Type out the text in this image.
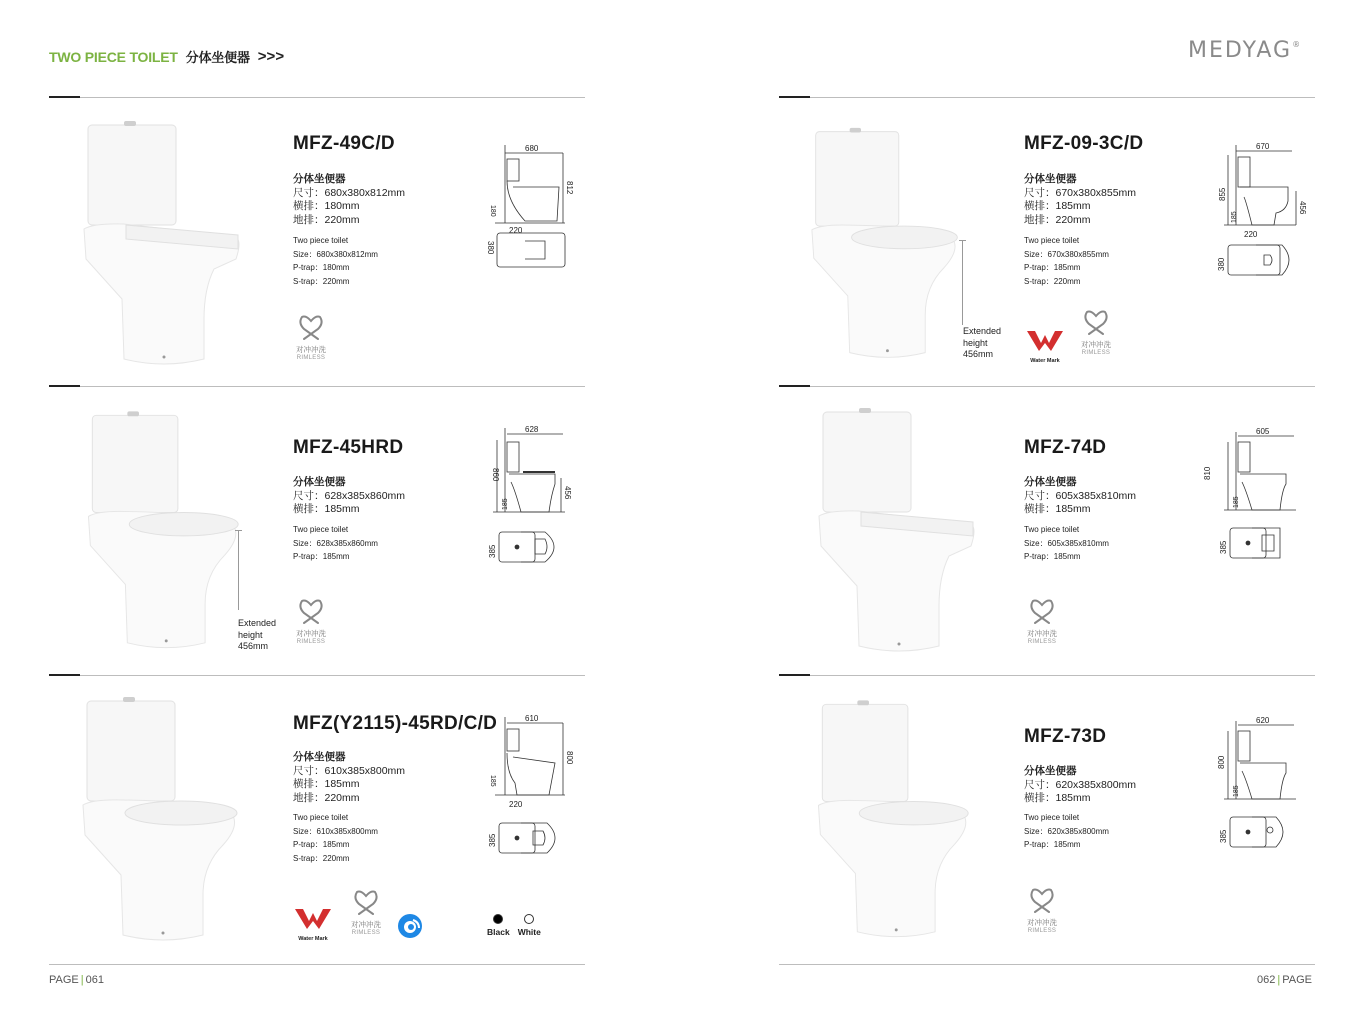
TWO PIECE TOILET 分体坐便器 >>>	MEDYAG®
MFZ-49C/D
分体坐便器
尺寸：680x380x812mm
横排：180mm
地排：220mm
Two piece toilet
Size：680x380x812mm
P-trap：180mm
S-trap：220mm
680
812
180
220
380
对冲冲洗
RIMLESS
Extended
height
456mm
MFZ-09-3C/D
分体坐便器
尺寸：670x380x855mm
横排：185mm
地排：220mm
Two piece toilet
Size：670x380x855mm
P-trap：185mm
S-trap：220mm
670
855
456
185
220
380
Water Mark
对冲冲洗
RIMLESS
Extended
height
456mm
MFZ-45HRD
分体坐便器
尺寸：628x385x860mm
横排：185mm
Two piece toilet
Size：628x385x860mm
P-trap：185mm
628
860
456
185
385
对冲冲洗
RIMLESS
MFZ-74D
分体坐便器
尺寸：605x385x810mm
横排：185mm
Two piece toilet
Size：605x385x810mm
P-trap：185mm
605
810
185
385
对冲冲洗
RIMLESS
MFZ(Y2115)-45RD/C/D
分体坐便器
尺寸：610x385x800mm
横排：185mm
地排：220mm
Two piece toilet
Size：610x385x800mm
P-trap：185mm
S-trap：220mm
610
800
185
220
385
Water Mark
对冲冲洗
RIMLESS	Black White
MFZ-73D
分体坐便器
尺寸：620x385x800mm
横排：185mm
Two piece toilet
Size：620x385x800mm
P-trap：185mm
620
800
185
385
对冲冲洗
RIMLESS
PAGE | 061	062 | PAGE
